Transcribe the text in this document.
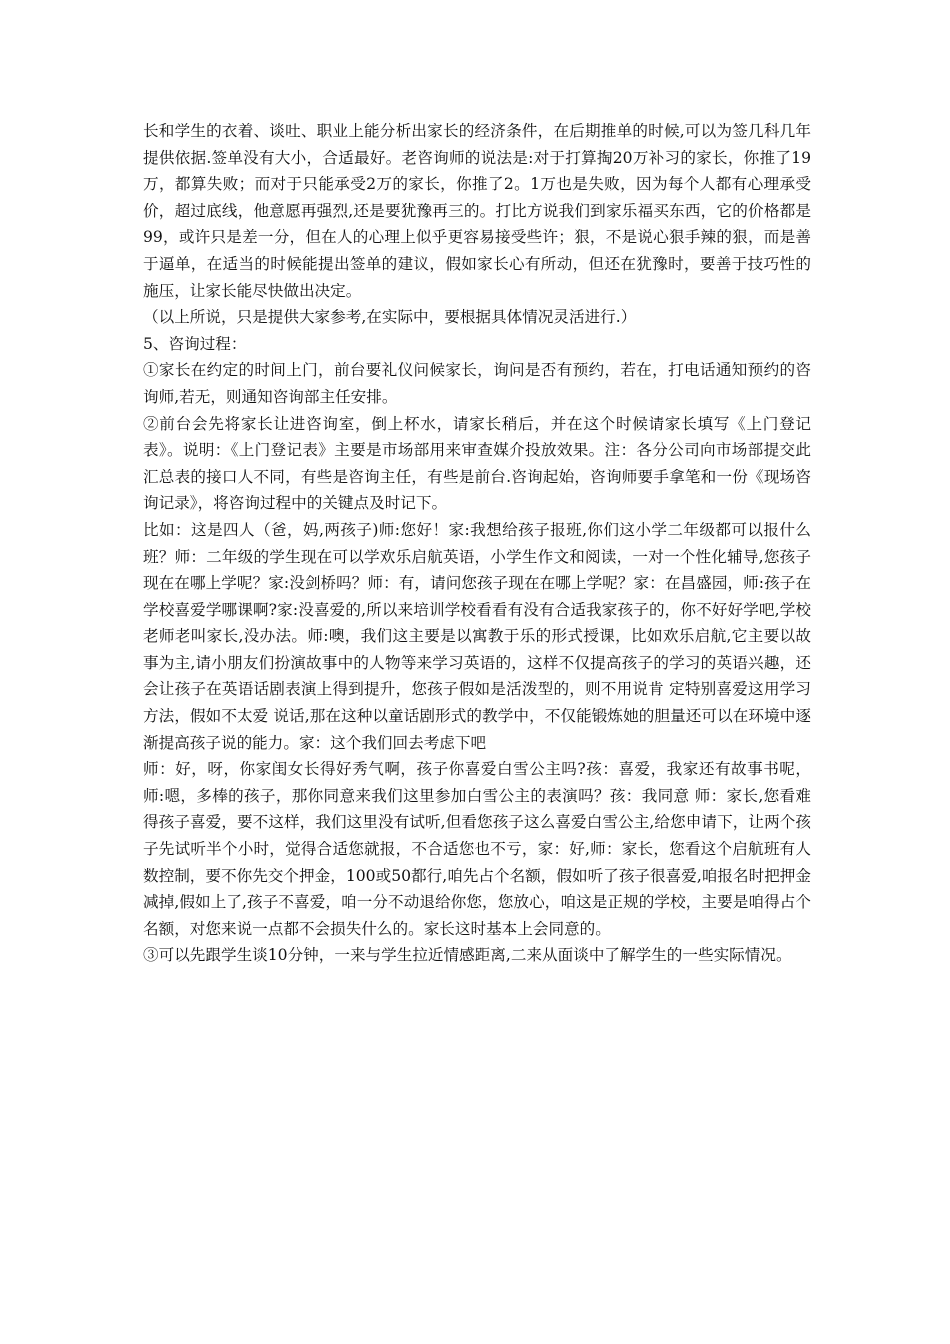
长和学生的衣着、谈吐、职业上能分析出家长的经济条件，在后期推单的时候,可以为签几科几年提供依据.签单没有大小，合适最好。老咨询师的说法是:对于打算掏20万补习的家长，你推了19万，都算失败；而对于只能承受2万的家长，你推了2。1万也是失败，因为每个人都有心理承受价，超过底线，他意愿再强烈,还是要犹豫再三的。打比方说我们到家乐福买东西，它的价格都是99，或许只是差一分，但在人的心理上似乎更容易接受些许；狠，不是说心狠手辣的狠，而是善于逼单，在适当的时候能提出签单的建议，假如家长心有所动，但还在犹豫时，要善于技巧性的施压，让家长能尽快做出决定。

（以上所说，只是提供大家参考,在实际中，要根据具体情况灵活进行.）

5、咨询过程：

①家长在约定的时间上门，前台要礼仪问候家长，询问是否有预约，若在，打电话通知预约的咨询师,若无，则通知咨询部主任安排。

②前台会先将家长让进咨询室，倒上杯水，请家长稍后，并在这个时候请家长填写《上门登记表》。说明：《上门登记表》主要是市场部用来审查媒介投放效果。注：各分公司向市场部提交此汇总表的接口人不同，有些是咨询主任，有些是前台.咨询起始，咨询师要手拿笔和一份《现场咨询记录》，将咨询过程中的关键点及时记下。

比如：这是四人（爸，妈,两孩子)师:您好！家:我想给孩子报班,你们这小学二年级都可以报什么班？师：二年级的学生现在可以学欢乐启航英语，小学生作文和阅读，一对一个性化辅导,您孩子现在在哪上学呢？家:没剑桥吗？师：有，请问您孩子现在在哪上学呢？家：在昌盛园，师:孩子在学校喜爱学哪课啊?家:没喜爱的,所以来培训学校看看有没有合适我家孩子的，你不好好学吧,学校老师老叫家长,没办法。师:噢，我们这主要是以寓教于乐的形式授课，比如欢乐启航,它主要以故事为主,请小朋友们扮演故事中的人物等来学习英语的，这样不仅提高孩子的学习的英语兴趣，还会让孩子在英语话剧表演上得到提升，您孩子假如是活泼型的，则不用说肯 定特别喜爱这用学习方法，假如不太爱 说话,那在这种以童话剧形式的教学中，不仅能锻炼她的胆量还可以在环境中逐渐提高孩子说的能力。家：这个我们回去考虑下吧

师：好，呀，你家闺女长得好秀气啊，孩子你喜爱白雪公主吗?孩：喜爱，我家还有故事书呢，师:嗯，多棒的孩子，那你同意来我们这里参加白雪公主的表演吗？孩：我同意 师：家长,您看难得孩子喜爱，要不这样，我们这里没有试听,但看您孩子这么喜爱白雪公主,给您申请下，让两个孩子先试听半个小时，觉得合适您就报，不合适您也不亏，家：好,师：家长，您看这个启航班有人数控制，要不你先交个押金，100或50都行,咱先占个名额，假如听了孩子很喜爱,咱报名时把押金减掉,假如上了,孩子不喜爱，咱一分不动退给你您，您放心，咱这是正规的学校，主要是咱得占个名额，对您来说一点都不会损失什么的。家长这时基本上会同意的。

③可以先跟学生谈10分钟，一来与学生拉近情感距离,二来从面谈中了解学生的一些实际情况。
